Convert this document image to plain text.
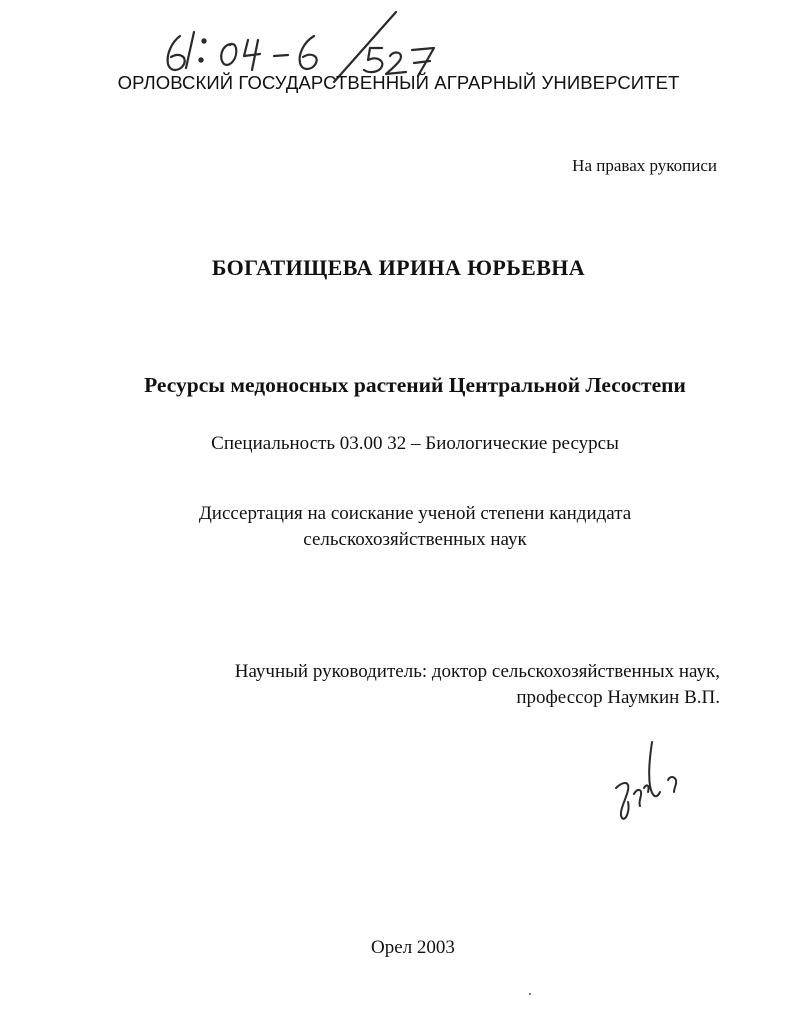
ОРЛОВСКИЙ ГОСУДАРСТВЕННЫЙ АГРАРНЫЙ УНИВЕРСИТЕТ
На правах рукописи
БОГАТИЩЕВА ИРИНА ЮРЬЕВНА
Ресурсы медоносных растений Центральной Лесостепи
Специальность 03.00 32 – Биологические ресурсы
Диссертация на соискание ученой степени кандидата
сельскохозяйственных наук
Научный руководитель: доктор сельскохозяйственных наук,
профессор Наумкин В.П.
Орел 2003
